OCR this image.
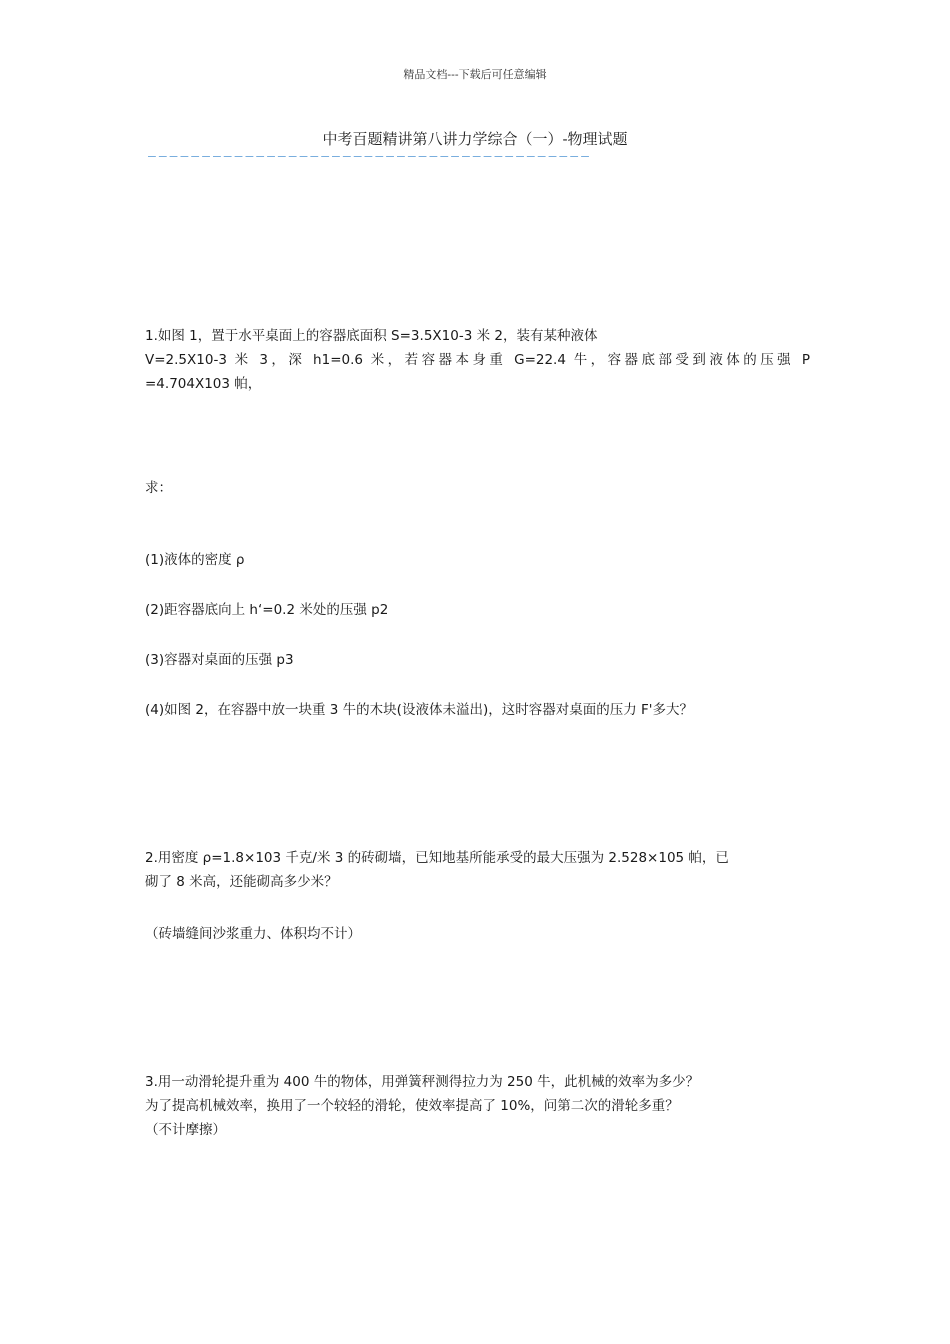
精品文档---下载后可任意编辑
中考百题精讲第八讲力学综合（一）-物理试题
—————————————————————————————————————————
1.如图 1，置于水平桌面上的容器底面积 S=3.5X10-3 米 2，装有某种液体
V=2.5X10-3 米 3，深 h1=0.6 米，若容器本身重 G=22.4 牛，容器底部受到液体的压强 P
=4.704X103 帕，
求：
(1)液体的密度 ρ
(2)距容器底向上 h‘=0.2 米处的压强 p2
(3)容器对桌面的压强 p3
(4)如图 2，在容器中放一块重 3 牛的木块(设液体未溢出)，这时容器对桌面的压力 F'多大？
2.用密度 ρ=1.8×103 千克/米 3 的砖砌墙，已知地基所能承受的最大压强为 2.528×105 帕，已
砌了 8 米高，还能砌高多少米？
（砖墙缝间沙浆重力、体积均不计）
3.用一动滑轮提升重为 400 牛的物体，用弹簧秤测得拉力为 250 牛，此机械的效率为多少？
为了提高机械效率，换用了一个较轻的滑轮，使效率提高了 10%，问第二次的滑轮多重？
（不计摩擦）
